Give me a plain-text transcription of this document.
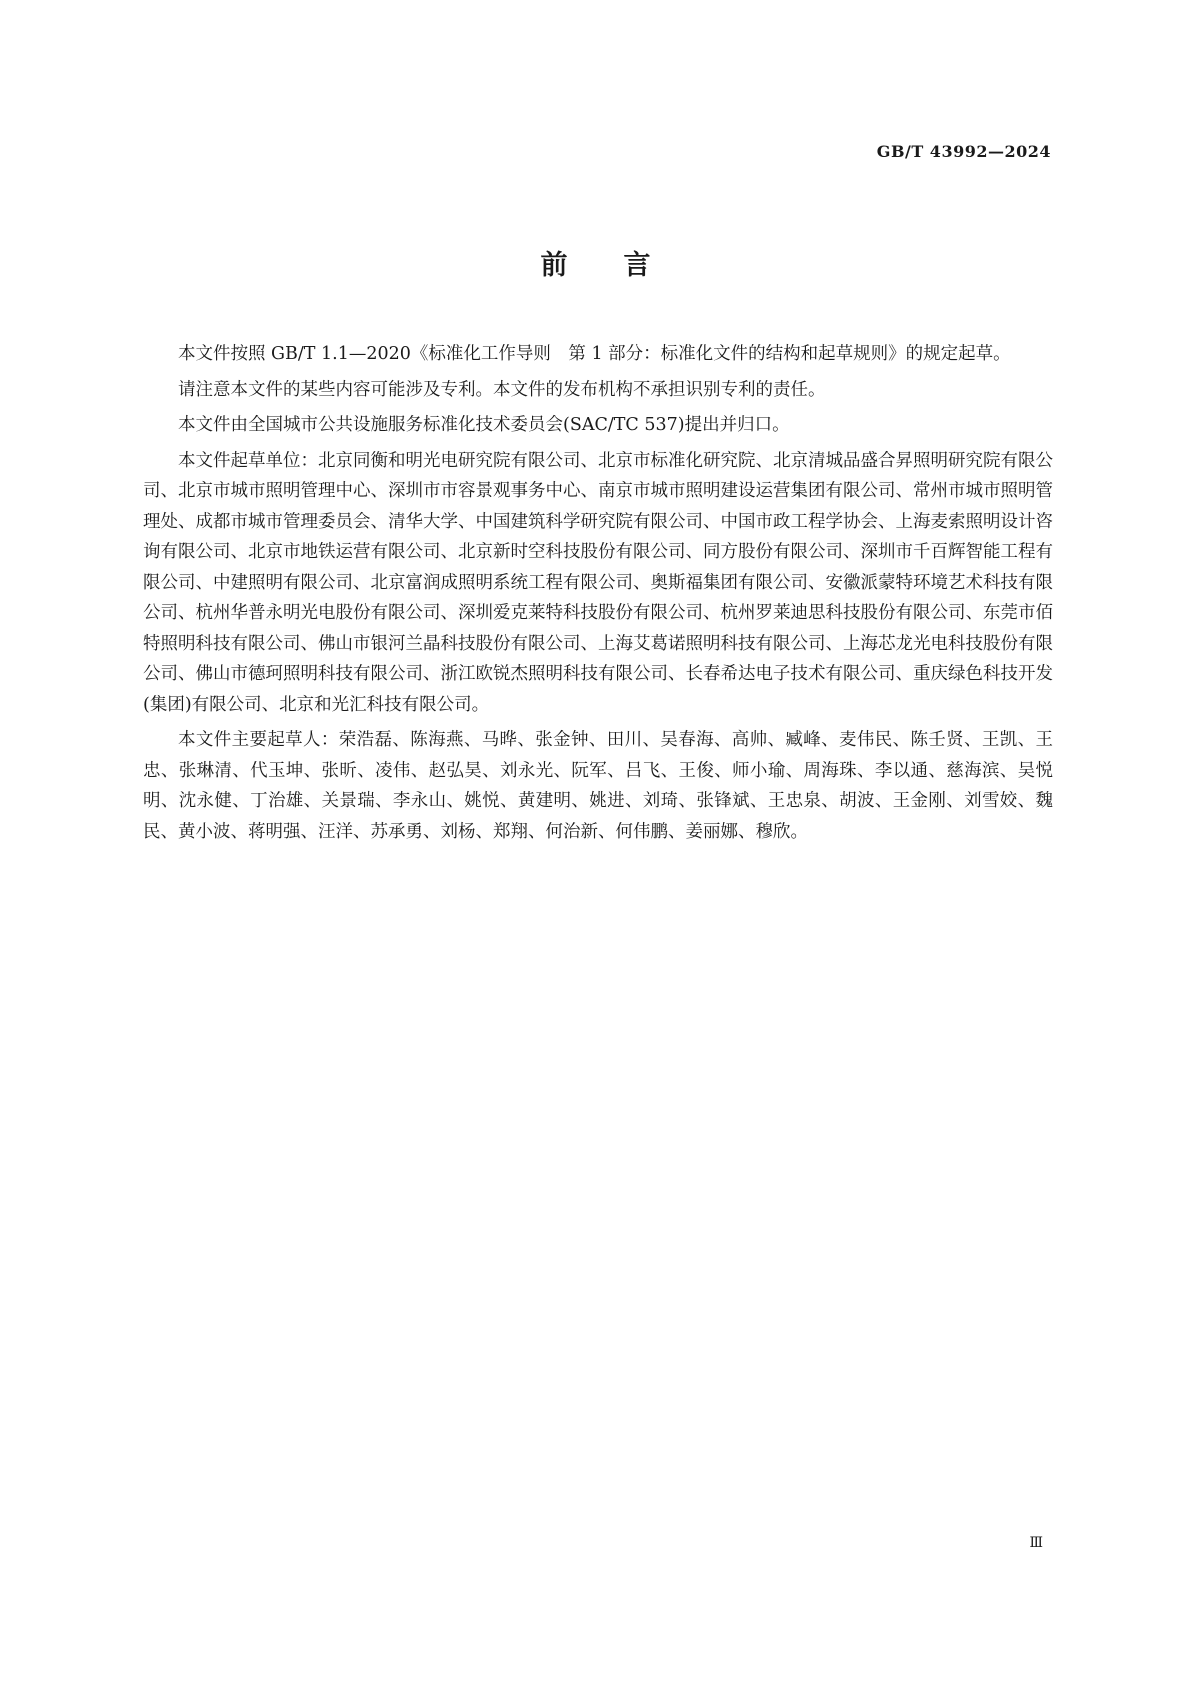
GB/T 43992—2024
前言

本文件按照 GB/T 1.1—2020《标准化工作导则　第 1 部分：标准化文件的结构和起草规则》的规定起草。

请注意本文件的某些内容可能涉及专利。本文件的发布机构不承担识别专利的责任。

本文件由全国城市公共设施服务标准化技术委员会(SAC/TC 537)提出并归口。

本文件起草单位：北京同衡和明光电研究院有限公司、北京市标准化研究院、北京清城品盛合昇照明研究院有限公司、北京市城市照明管理中心、深圳市市容景观事务中心、南京市城市照明建设运营集团有限公司、常州市城市照明管理处、成都市城市管理委员会、清华大学、中国建筑科学研究院有限公司、中国市政工程学协会、上海麦索照明设计咨询有限公司、北京市地铁运营有限公司、北京新时空科技股份有限公司、同方股份有限公司、深圳市千百辉智能工程有限公司、中建照明有限公司、北京富润成照明系统工程有限公司、奥斯福集团有限公司、安徽派蒙特环境艺术科技有限公司、杭州华普永明光电股份有限公司、深圳爱克莱特科技股份有限公司、杭州罗莱迪思科技股份有限公司、东莞市佰特照明科技有限公司、佛山市银河兰晶科技股份有限公司、上海艾葛诺照明科技有限公司、上海芯龙光电科技股份有限公司、佛山市德珂照明科技有限公司、浙江欧锐杰照明科技有限公司、长春希达电子技术有限公司、重庆绿色科技开发(集团)有限公司、北京和光汇科技有限公司。

本文件主要起草人：荣浩磊、陈海燕、马晔、张金钟、田川、吴春海、高帅、臧峰、麦伟民、陈壬贤、王凯、王忠、张琳清、代玉坤、张昕、凌伟、赵弘昊、刘永光、阮军、吕飞、王俊、师小瑜、周海珠、李以通、慈海滨、吴悦明、沈永健、丁治雄、关景瑞、李永山、姚悦、黄建明、姚进、刘琦、张锋斌、王忠泉、胡波、王金刚、刘雪姣、魏民、黄小波、蒋明强、汪洋、苏承勇、刘杨、郑翔、何治新、何伟鹏、姜丽娜、穆欣。

Ⅲ
